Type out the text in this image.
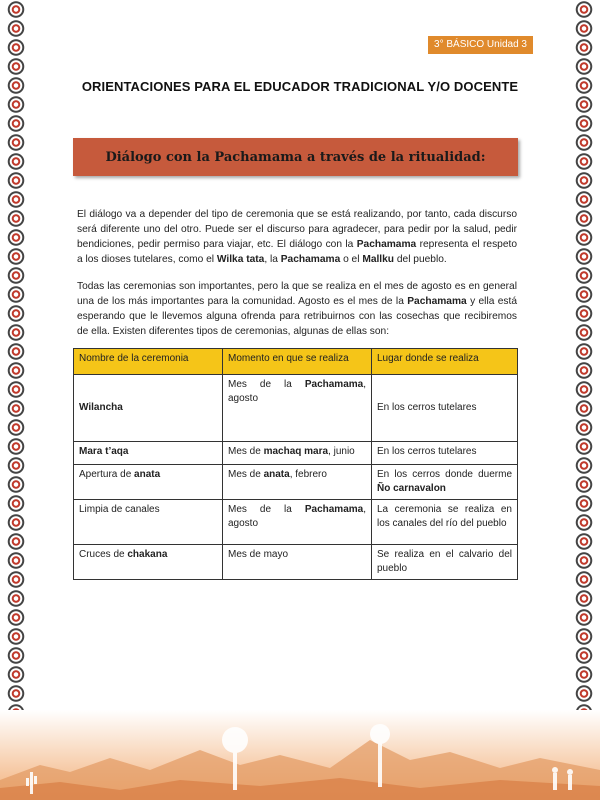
3° BÁSICO Unidad 3
ORIENTACIONES PARA EL EDUCADOR TRADICIONAL Y/O DOCENTE
Diálogo con la Pachamama a través de la ritualidad:

El diálogo va a depender del tipo de ceremonia que se está realizando, por tanto, cada discurso será diferente uno del otro. Puede ser el discurso para agradecer, para pedir por la salud, pedir bendiciones, pedir permiso para viajar, etc. El diálogo con la Pachamama representa el respeto a los dioses tutelares, como el Wilka tata, la Pachamama o el Mallku del pueblo.

Todas las ceremonias son importantes, pero la que se realiza en el mes de agosto es en general una de los más importantes para la comunidad. Agosto es el mes de la Pachamama y ella está esperando que le llevemos alguna ofrenda para retribuirnos con las cosechas que recibiremos de ella. Existen diferentes tipos de ceremonias, algunas de ellas son:

Nombre de la ceremonia	Momento en que se realiza	Lugar donde se realiza
Wilancha	Mes de la Pachamama, agosto	En los cerros tutelares
Mara t’aqa	Mes de machaq mara, junio	En los cerros tutelares
Apertura de anata	Mes de anata, febrero	En los cerros donde duerme Ño carnavalon
Limpia de canales	Mes de la Pachamama, agosto	La ceremonia se realiza en los canales del río del pueblo
Cruces de chakana	Mes de mayo	Se realiza en el calvario del pueblo
